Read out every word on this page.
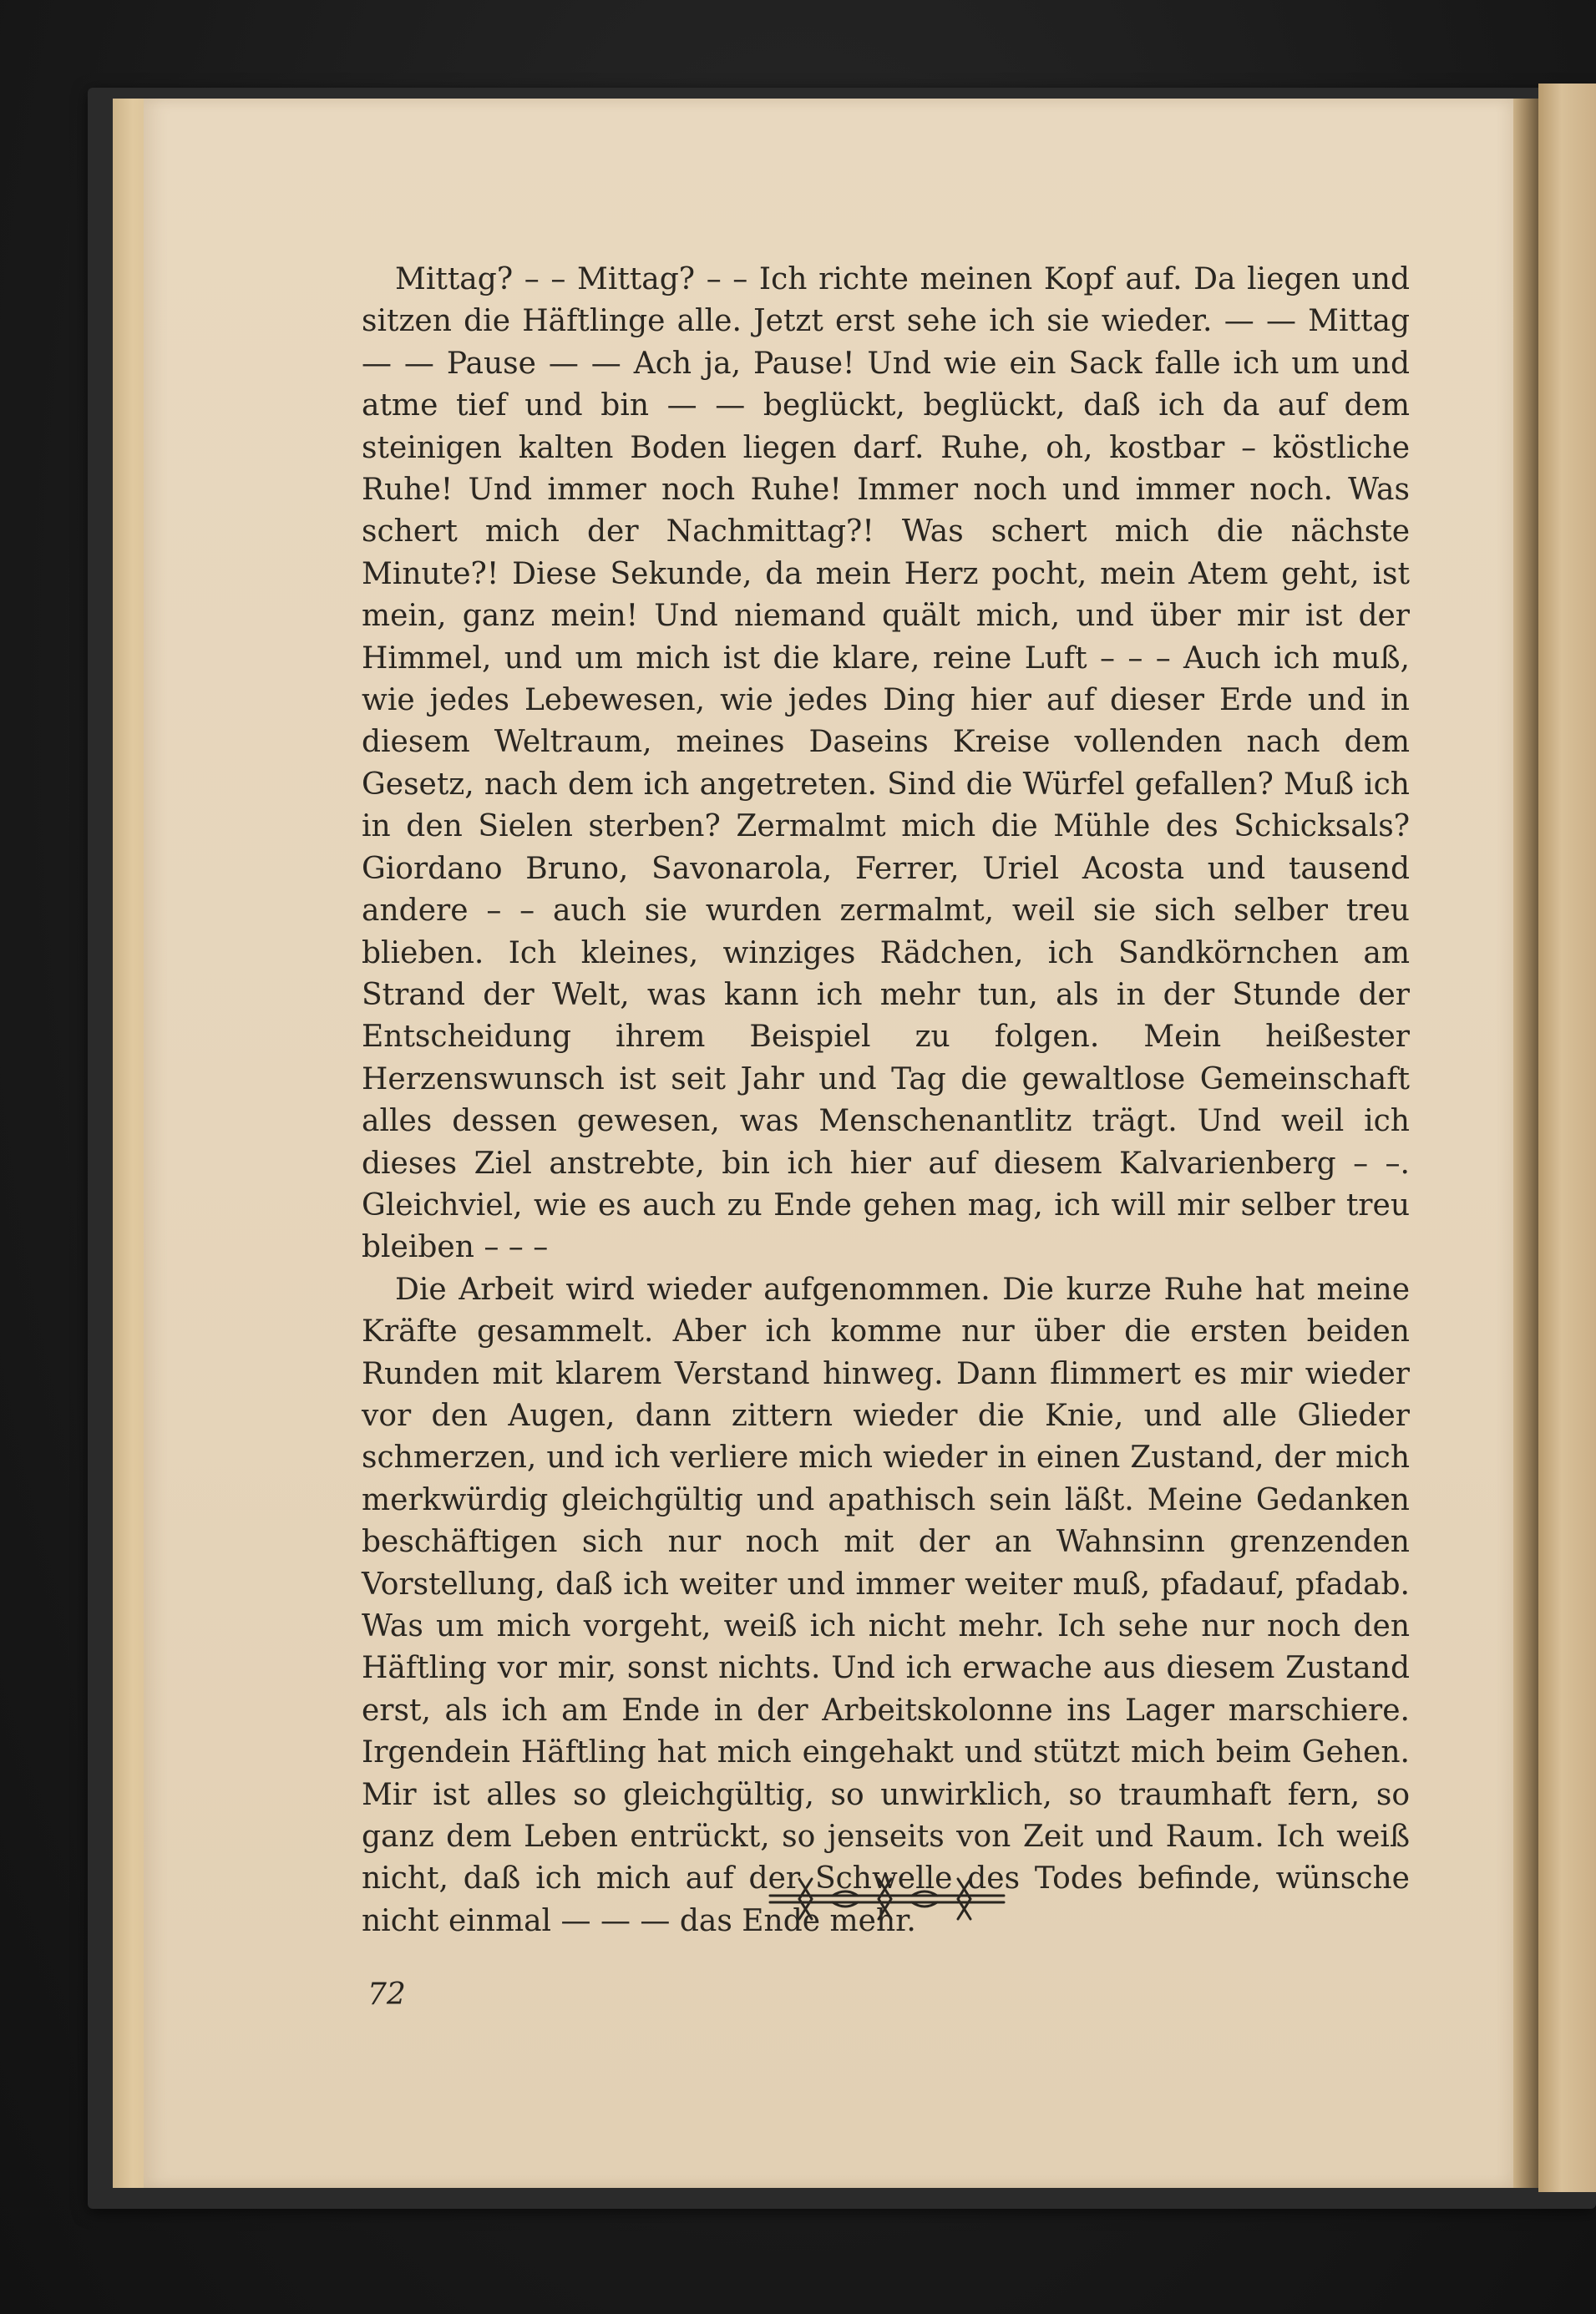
Mittag? – – Mittag? – – Ich richte meinen Kopf auf. Da liegen und sitzen die Häftlinge alle. Jetzt erst sehe ich sie wieder. — — Mittag — — Pause — — Ach ja, Pause! Und wie ein Sack falle ich um und atme tief und bin — — beglückt, beglückt, daß ich da auf dem steinigen kalten Boden liegen darf. Ruhe, oh, kostbar – köstliche Ruhe! Und immer noch Ruhe! Immer noch und immer noch. Was schert mich der Nachmittag?! Was schert mich die nächste Minute?! Diese Sekunde, da mein Herz pocht, mein Atem geht, ist mein, ganz mein! Und niemand quält mich, und über mir ist der Himmel, und um mich ist die klare, reine Luft – – – Auch ich muß, wie jedes Lebewesen, wie jedes Ding hier auf dieser Erde und in diesem Weltraum, meines Daseins Kreise vollenden nach dem Gesetz, nach dem ich angetreten. Sind die Würfel gefallen? Muß ich in den Sielen sterben? Zermalmt mich die Mühle des Schicksals? Giordano Bruno, Savonarola, Ferrer, Uriel Acosta und tausend andere – – auch sie wurden zermalmt, weil sie sich selber treu blieben. Ich kleines, winziges Rädchen, ich Sandkörnchen am Strand der Welt, was kann ich mehr tun, als in der Stunde der Entscheidung ihrem Beispiel zu folgen. Mein heißester Herzenswunsch ist seit Jahr und Tag die gewaltlose Gemeinschaft alles dessen gewesen, was Menschenantlitz trägt. Und weil ich dieses Ziel anstrebte, bin ich hier auf diesem Kalvarienberg – –. Gleichviel, wie es auch zu Ende gehen mag, ich will mir selber treu bleiben – – –

Die Arbeit wird wieder aufgenommen. Die kurze Ruhe hat meine Kräfte gesammelt. Aber ich komme nur über die ersten beiden Runden mit klarem Verstand hinweg. Dann flimmert es mir wieder vor den Augen, dann zittern wieder die Knie, und alle Glieder schmerzen, und ich verliere mich wieder in einen Zustand, der mich merkwürdig gleichgültig und apathisch sein läßt. Meine Gedanken beschäftigen sich nur noch mit der an Wahnsinn grenzenden Vorstellung, daß ich weiter und immer weiter muß, pfadauf, pfadab. Was um mich vorgeht, weiß ich nicht mehr. Ich sehe nur noch den Häftling vor mir, sonst nichts. Und ich erwache aus diesem Zustand erst, als ich am Ende in der Arbeitskolonne ins Lager marschiere. Irgendein Häftling hat mich eingehakt und stützt mich beim Gehen. Mir ist alles so gleichgültig, so unwirklich, so traumhaft fern, so ganz dem Leben entrückt, so jenseits von Zeit und Raum. Ich weiß nicht, daß ich mich auf der Schwelle des Todes befinde, wünsche nicht einmal — — — das Ende mehr.

72
